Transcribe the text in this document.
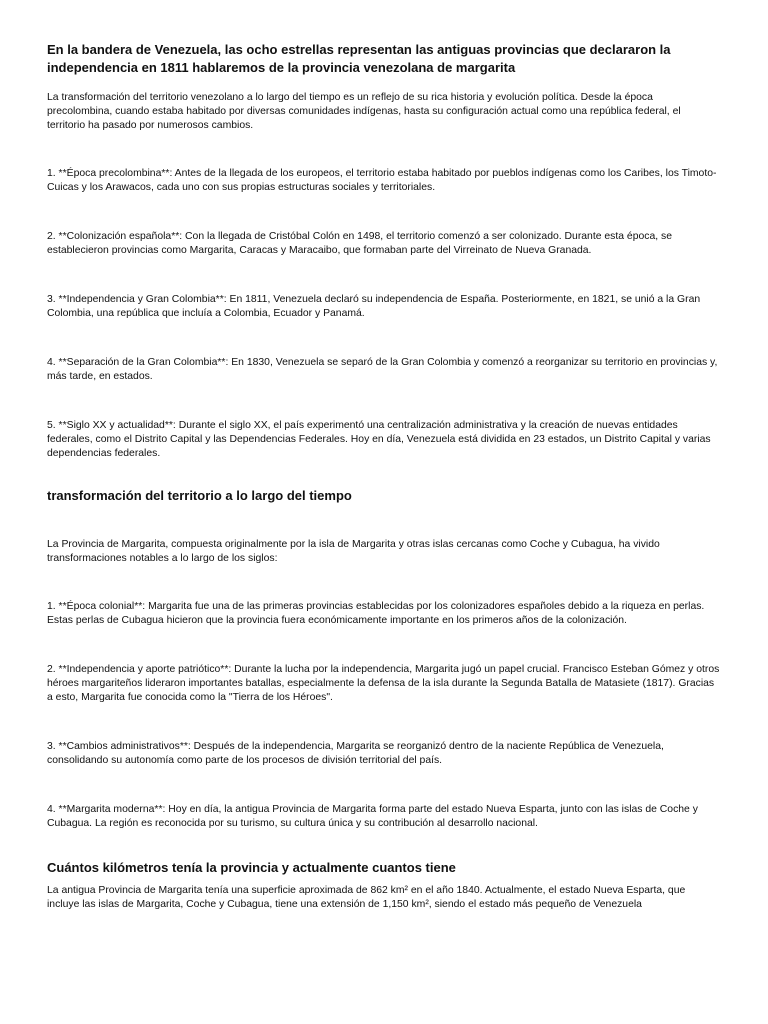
En la bandera de Venezuela, las ocho estrellas representan las antiguas provincias que declararon la independencia en 1811 hablaremos de la provincia venezolana de margarita

La transformación del territorio venezolano a lo largo del tiempo es un reflejo de su rica historia y evolución política. Desde la época precolombina, cuando estaba habitado por diversas comunidades indígenas, hasta su configuración actual como una república federal, el territorio ha pasado por numerosos cambios.

1. **Época precolombina**: Antes de la llegada de los europeos, el territorio estaba habitado por pueblos indígenas como los Caribes, los Timoto-Cuicas y los Arawacos, cada uno con sus propias estructuras sociales y territoriales.

2. **Colonización española**: Con la llegada de Cristóbal Colón en 1498, el territorio comenzó a ser colonizado. Durante esta época, se establecieron provincias como Margarita, Caracas y Maracaibo, que formaban parte del Virreinato de Nueva Granada.

3. **Independencia y Gran Colombia**: En 1811, Venezuela declaró su independencia de España. Posteriormente, en 1821, se unió a la Gran Colombia, una república que incluía a Colombia, Ecuador y Panamá.

4. **Separación de la Gran Colombia**: En 1830, Venezuela se separó de la Gran Colombia y comenzó a reorganizar su territorio en provincias y, más tarde, en estados.

5. **Siglo XX y actualidad**: Durante el siglo XX, el país experimentó una centralización administrativa y la creación de nuevas entidades federales, como el Distrito Capital y las Dependencias Federales. Hoy en día, Venezuela está dividida en 23 estados, un Distrito Capital y varias dependencias federales.

transformación del territorio a lo largo del tiempo

La Provincia de Margarita, compuesta originalmente por la isla de Margarita y otras islas cercanas como Coche y Cubagua, ha vivido transformaciones notables a lo largo de los siglos:

1. **Época colonial**: Margarita fue una de las primeras provincias establecidas por los colonizadores españoles debido a la riqueza en perlas. Estas perlas de Cubagua hicieron que la provincia fuera económicamente importante en los primeros años de la colonización.

2. **Independencia y aporte patriótico**: Durante la lucha por la independencia, Margarita jugó un papel crucial. Francisco Esteban Gómez y otros héroes margariteños lideraron importantes batallas, especialmente la defensa de la isla durante la Segunda Batalla de Matasiete (1817). Gracias a esto, Margarita fue conocida como la "Tierra de los Héroes".

3. **Cambios administrativos**: Después de la independencia, Margarita se reorganizó dentro de la naciente República de Venezuela, consolidando su autonomía como parte de los procesos de división territorial del país.

4. **Margarita moderna**: Hoy en día, la antigua Provincia de Margarita forma parte del estado Nueva Esparta, junto con las islas de Coche y Cubagua. La región es reconocida por su turismo, su cultura única y su contribución al desarrollo nacional.

Cuántos kilómetros tenía la provincia y actualmente cuantos tiene

La antigua Provincia de Margarita tenía una superficie aproximada de 862 km² en el año 1840. Actualmente, el estado Nueva Esparta, que incluye las islas de Margarita, Coche y Cubagua, tiene una extensión de 1,150 km², siendo el estado más pequeño de Venezuela
